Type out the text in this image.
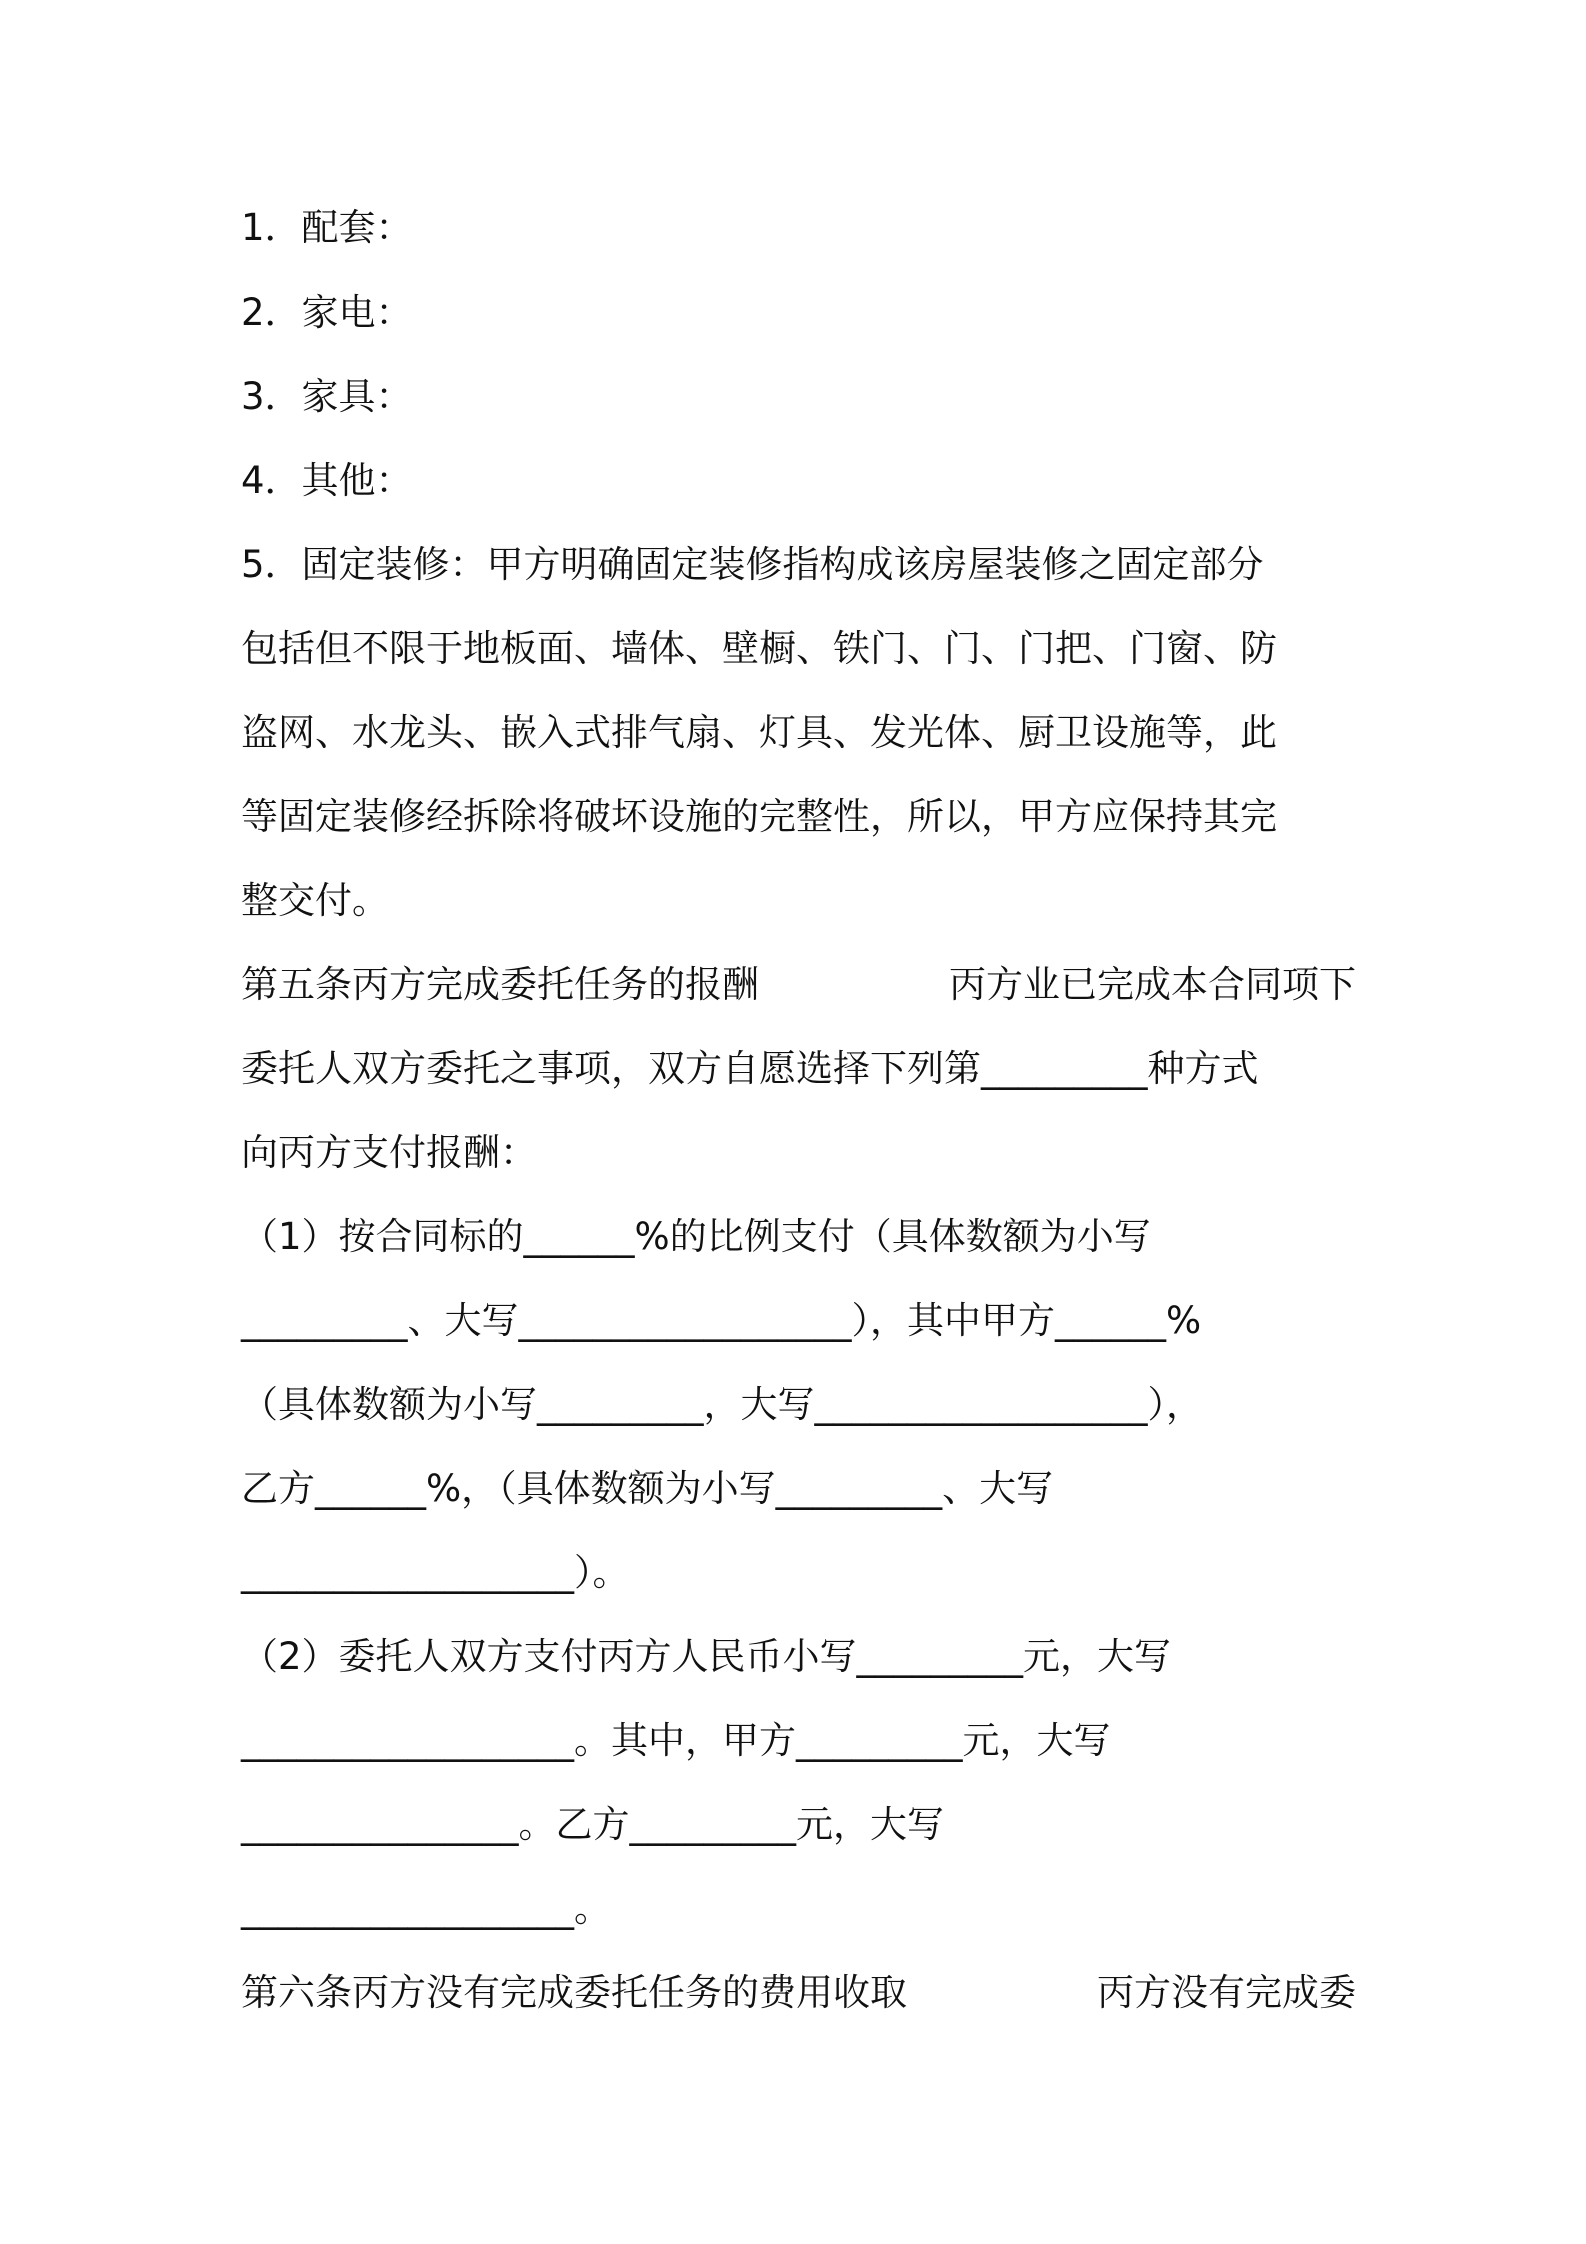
1．配套：
2．家电：
3．家具：
4．其他：
5．固定装修：甲方明确固定装修指构成该房屋装修之固定部分
包括但不限于地板面、墙体、壁橱、铁门、门、门把、门窗、防
盗网、水龙头、嵌入式排气扇、灯具、发光体、厨卫设施等，此
等固定装修经拆除将破坏设施的完整性，所以，甲方应保持其完
整交付。
第五条丙方完成委托任务的报酬	丙方业已完成本合同项下
委托人双方委托之事项，双方自愿选择下列第_________种方式
向丙方支付报酬：
（1）按合同标的______%的比例支付（具体数额为小写
_________、大写__________________），其中甲方______%
（具体数额为小写_________，大写__________________），
乙方______%，（具体数额为小写_________、大写
__________________）。
（2）委托人双方支付丙方人民币小写_________元，大写
__________________。其中，甲方_________元，大写
_______________。乙方_________元，大写
__________________。
第六条丙方没有完成委托任务的费用收取	丙方没有完成委
